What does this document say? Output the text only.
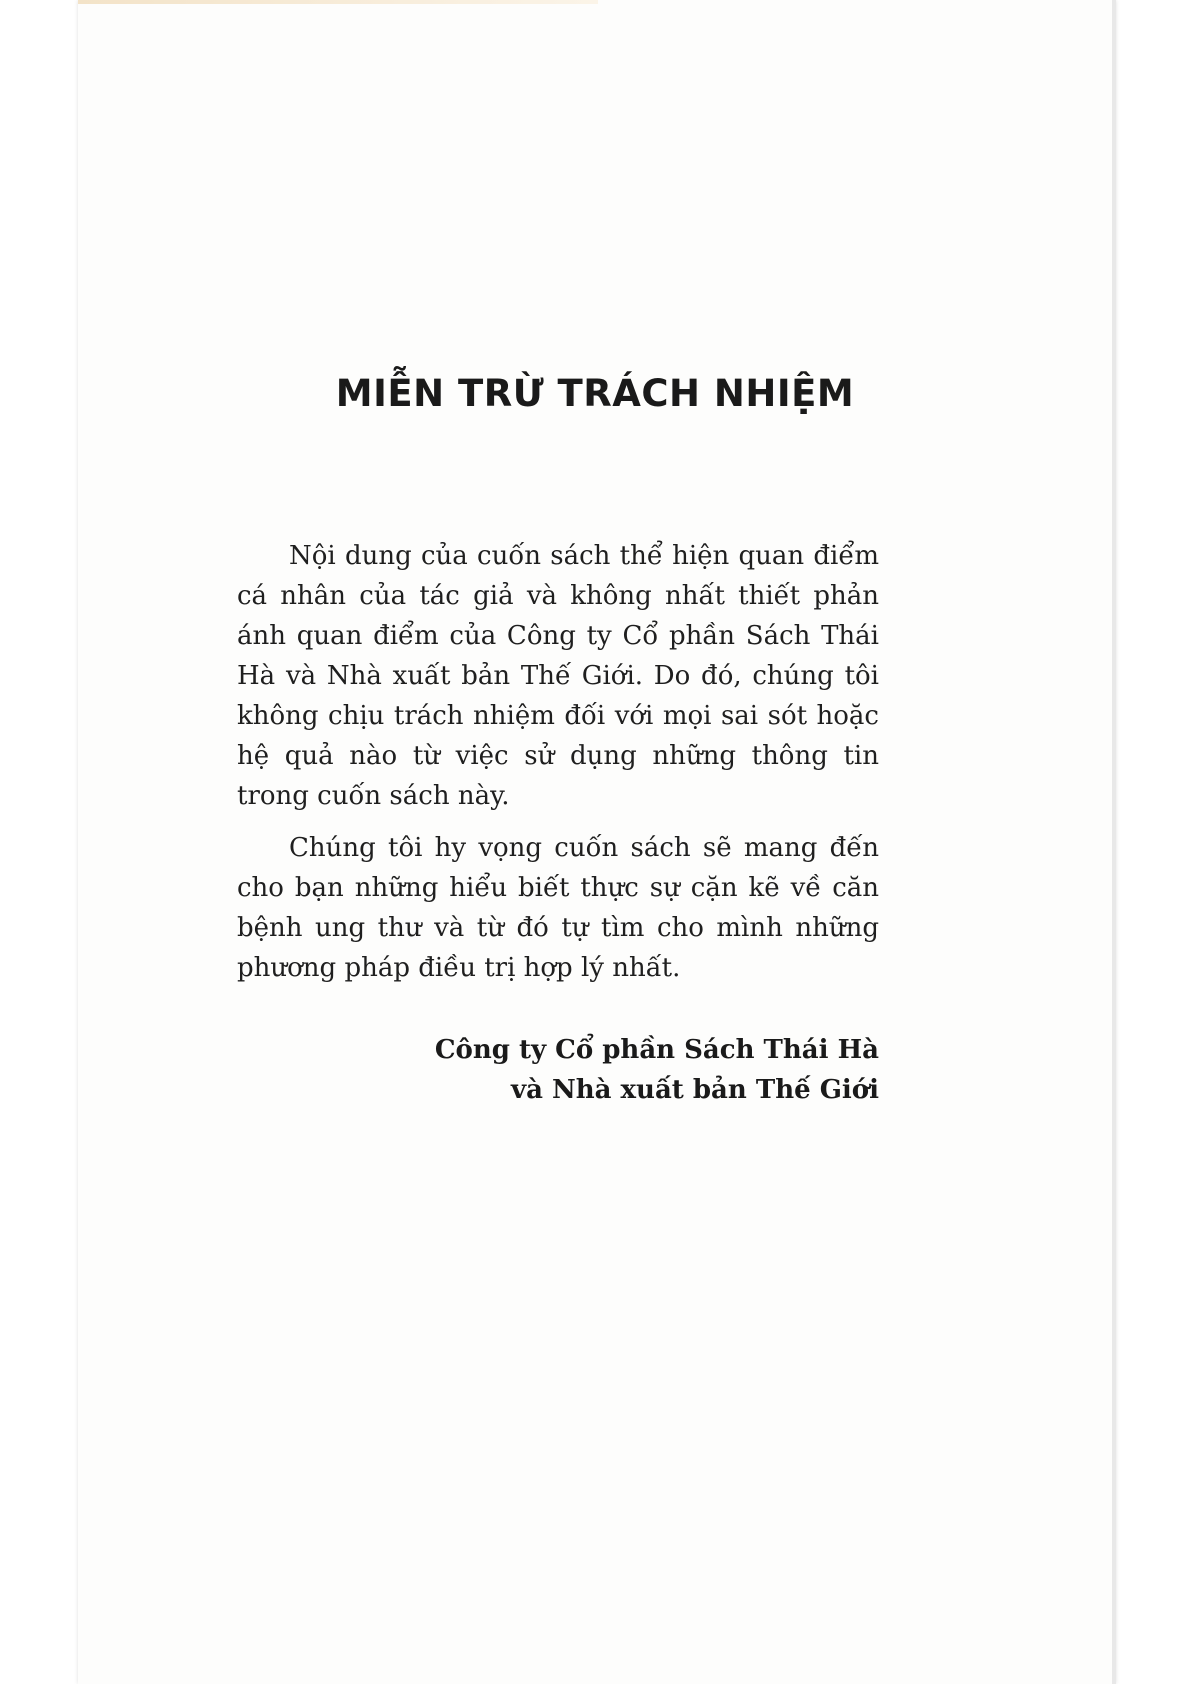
MIỄN TRỪ TRÁCH NHIỆM

Nội dung của cuốn sách thể hiện quan điểm cá nhân của tác giả và không nhất thiết phản ánh quan điểm của Công ty Cổ phần Sách Thái Hà và Nhà xuất bản Thế Giới. Do đó, chúng tôi không chịu trách nhiệm đối với mọi sai sót hoặc hệ quả nào từ việc sử dụng những thông tin trong cuốn sách này.

Chúng tôi hy vọng cuốn sách sẽ mang đến cho bạn những hiểu biết thực sự cặn kẽ về căn bệnh ung thư và từ đó tự tìm cho mình những phương pháp điều trị hợp lý nhất.

Công ty Cổ phần Sách Thái Hà
và Nhà xuất bản Thế Giới
